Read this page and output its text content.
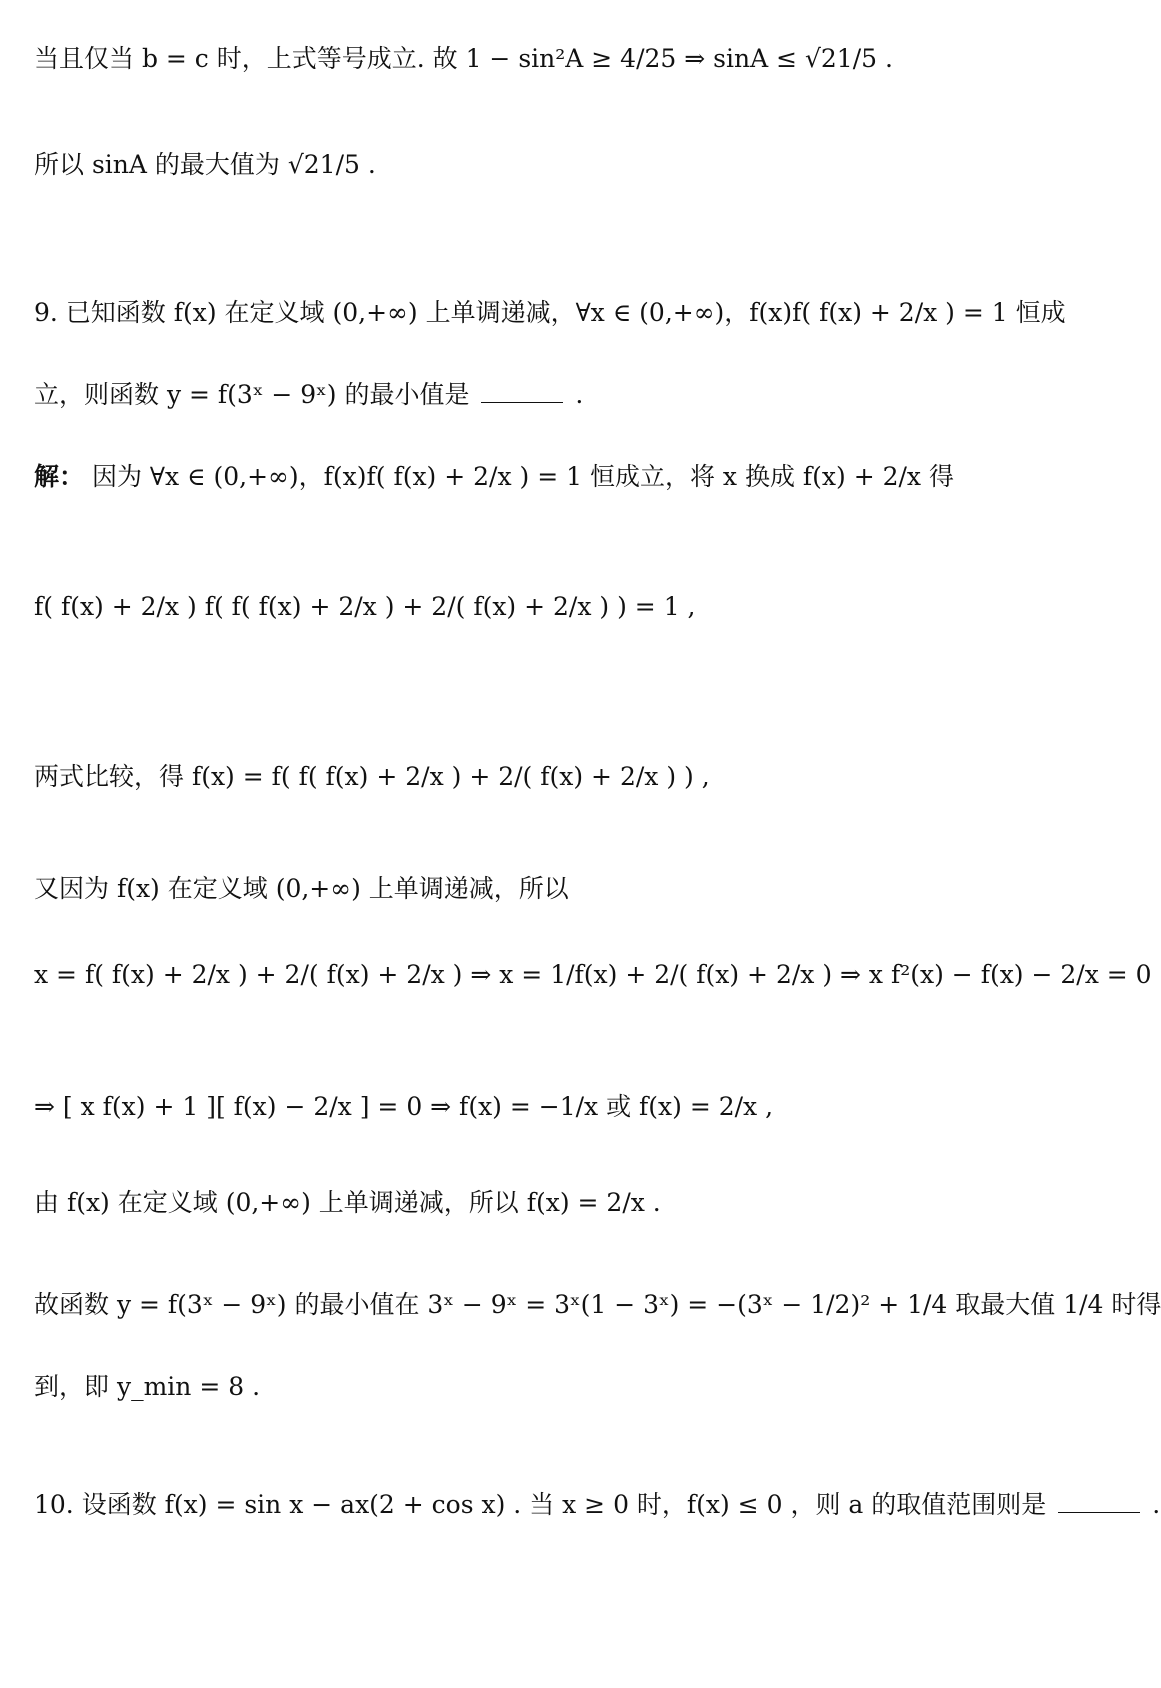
当且仅当 b = c 时，上式等号成立. 故 1 − sin²A ≥ 4/25 ⇒ sinA ≤ √21/5 .
所以 sinA 的最大值为 √21/5 .
9. 已知函数 f(x) 在定义域 (0,+∞) 上单调递减，∀x ∈ (0,+∞)，f(x)f( f(x) + 2/x ) = 1 恒成
立，则函数 y = f(3ˣ − 9ˣ) 的最小值是	.
解： 因为 ∀x ∈ (0,+∞)，f(x)f( f(x) + 2/x ) = 1 恒成立，将 x 换成 f(x) + 2/x 得
f( f(x) + 2/x ) f( f( f(x) + 2/x ) + 2/( f(x) + 2/x ) ) = 1 ,
两式比较，得 f(x) = f( f( f(x) + 2/x ) + 2/( f(x) + 2/x ) ) ,
又因为 f(x) 在定义域 (0,+∞) 上单调递减，所以
x = f( f(x) + 2/x ) + 2/( f(x) + 2/x ) ⇒ x = 1/f(x) + 2/( f(x) + 2/x ) ⇒ x f²(x) − f(x) − 2/x = 0
⇒ [ x f(x) + 1 ][ f(x) − 2/x ] = 0 ⇒ f(x) = −1/x 或 f(x) = 2/x ,
由 f(x) 在定义域 (0,+∞) 上单调递减，所以 f(x) = 2/x .
故函数 y = f(3ˣ − 9ˣ) 的最小值在 3ˣ − 9ˣ = 3ˣ(1 − 3ˣ) = −(3ˣ − 1/2)² + 1/4 取最大值 1/4 时得
到，即 y_min = 8 .
10. 设函数 f(x) = sin x − ax(2 + cos x) . 当 x ≥ 0 时，f(x) ≤ 0 ，则 a 的取值范围则是	.
